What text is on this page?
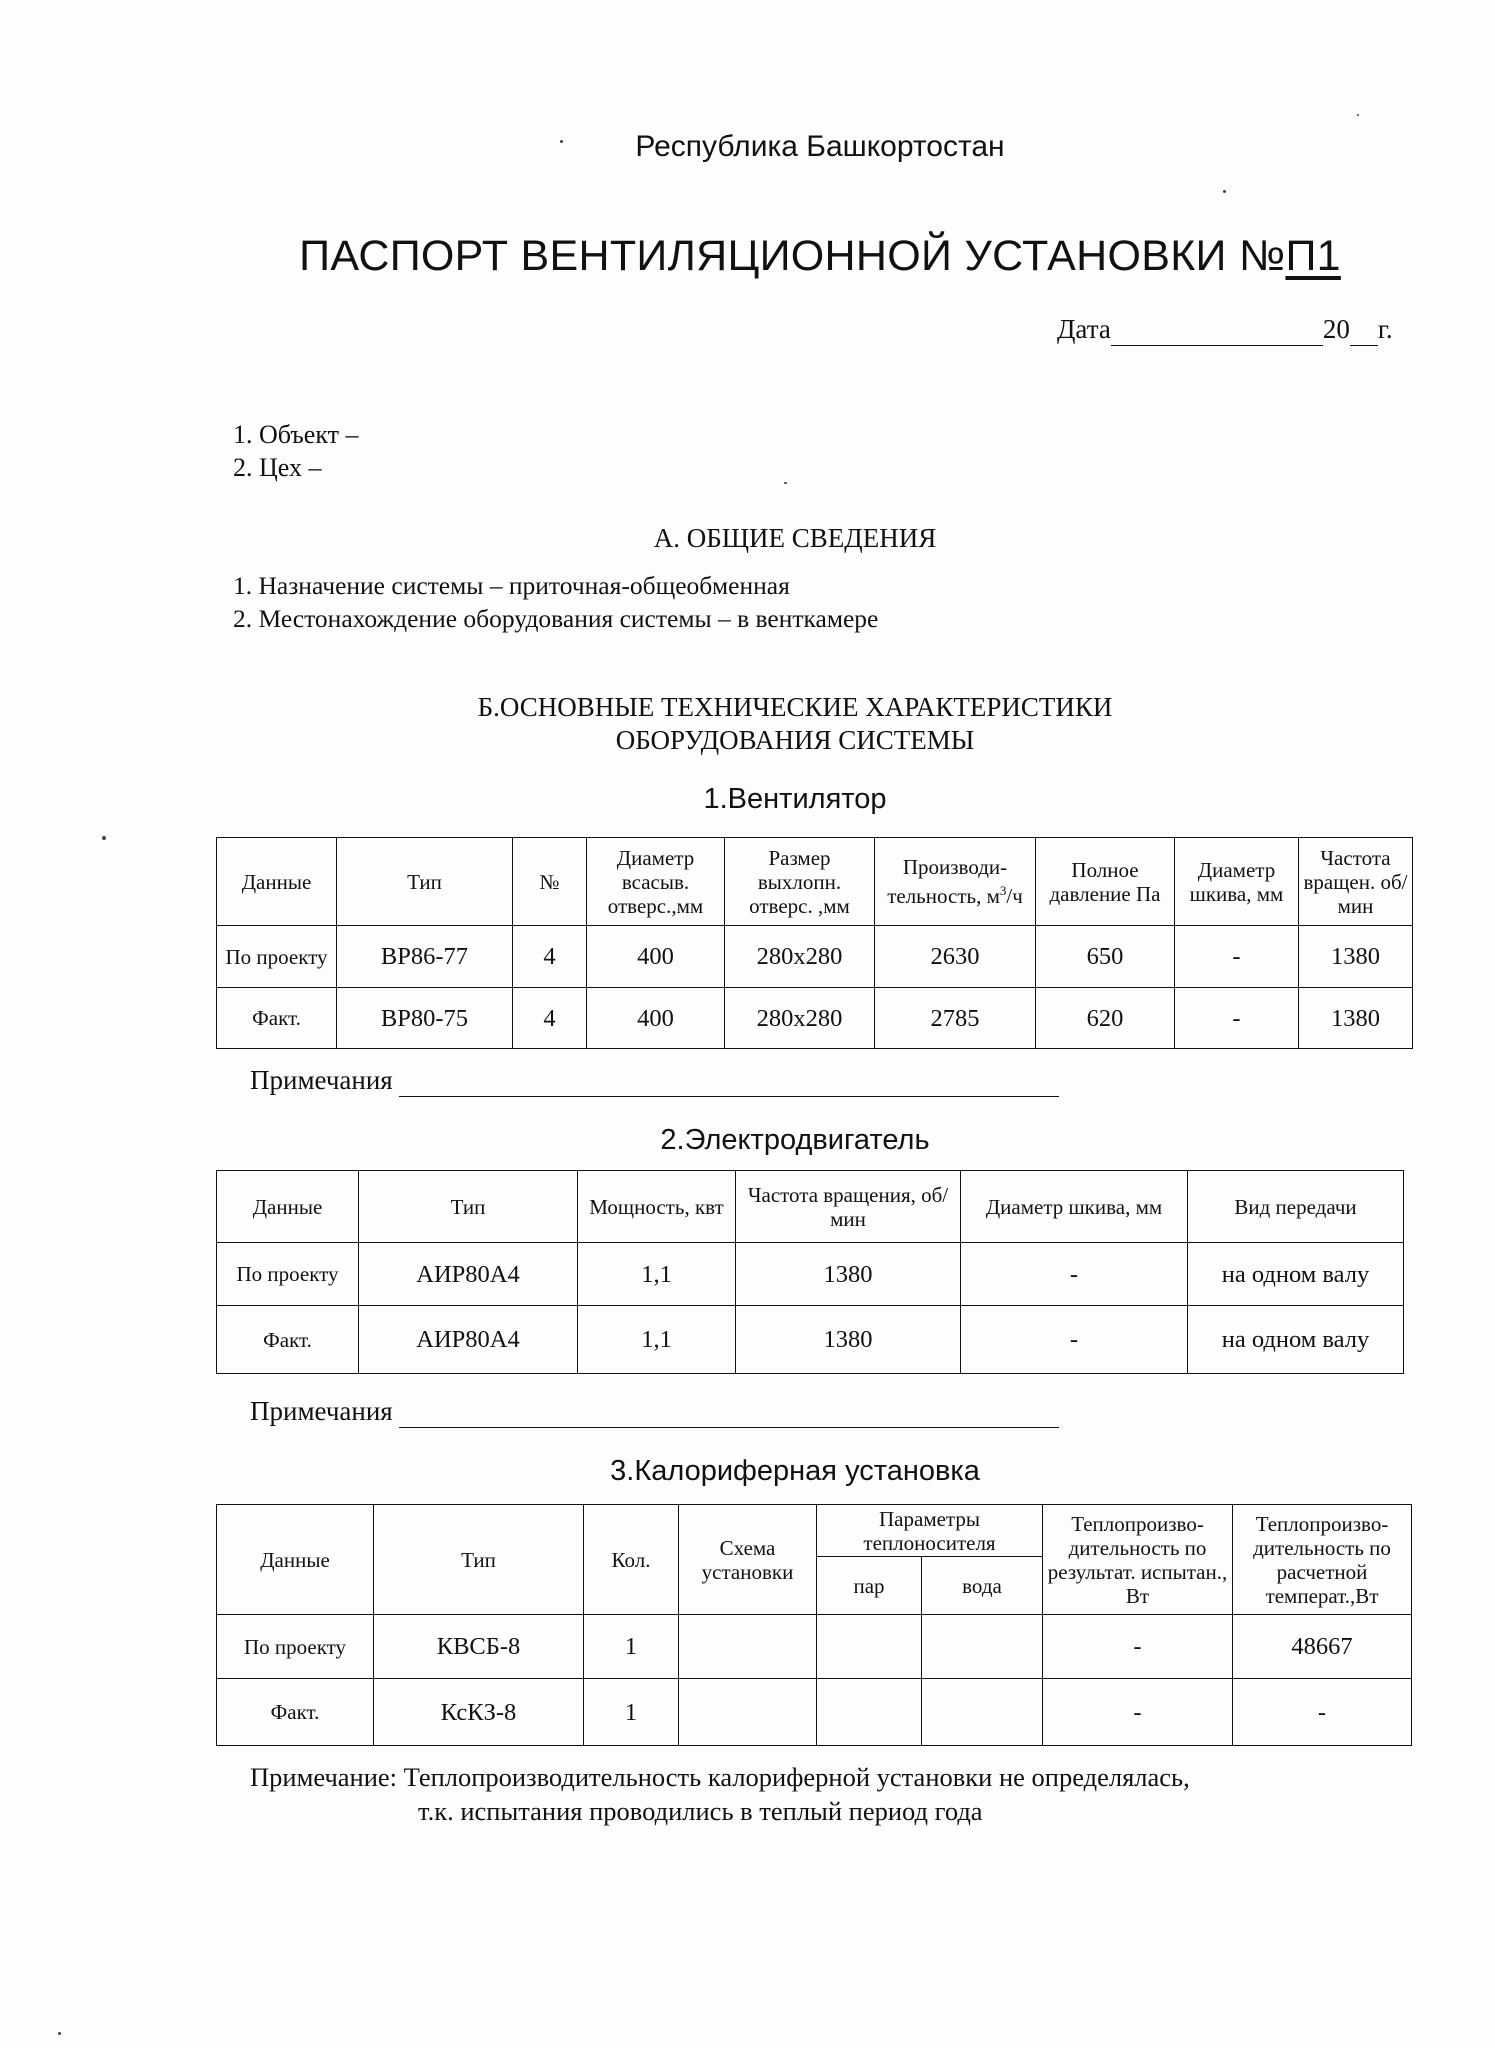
Республика Башкортостан
ПАСПОРТ ВЕНТИЛЯЦИОННОЙ УСТАНОВКИ №П1
Дата	20 г.
1. Объект –
2. Цех –
А. ОБЩИЕ СВЕДЕНИЯ
1. Назначение системы – приточная-общеобменная
2. Местонахождение оборудования системы – в венткамере
Б.ОСНОВНЫЕ ТЕХНИЧЕСКИЕ ХАРАКТЕРИСТИКИ
ОБОРУДОВАНИЯ СИСТЕМЫ
1.Вентилятор
Данные	Тип	№	Диаметр всасыв. отверс.,мм	Размер выхлопн. отверс. ,мм	Производи-тельность, $м^3/ч$	Полное давление Па	Диаметр шкива, мм	Частота вращен. об/мин
По проекту	ВР86-77	4	400	280х280	2630	650	-	1380
Факт.	ВР80-75	4	400	280х280	2785	620	-	1380
Примечания
2.Электродвигатель
Данные	Тип	Мощность, квт	Частота вращения, об/мин	Диаметр шкива, мм	Вид передачи
По проекту	АИР80А4	1,1	1380	-	на одном валу
Факт.	АИР80А4	1,1	1380	-	на одном валу
Примечания
3.Калориферная установка
Данные	Тип	Кол.	Схема установки	Параметры теплоносителя		Теплопроизво-дительность по результат. испытан., Вт	Теплопроизво-дительность по расчетной температ.,Вт
				пар	вода		
По проекту	КВСБ-8	1				-	48667
Факт.	КсКЗ-8	1				-	-
Примечание: Теплопроизводительность калориферной установки не определялась,
т.к. испытания проводились в теплый период года
